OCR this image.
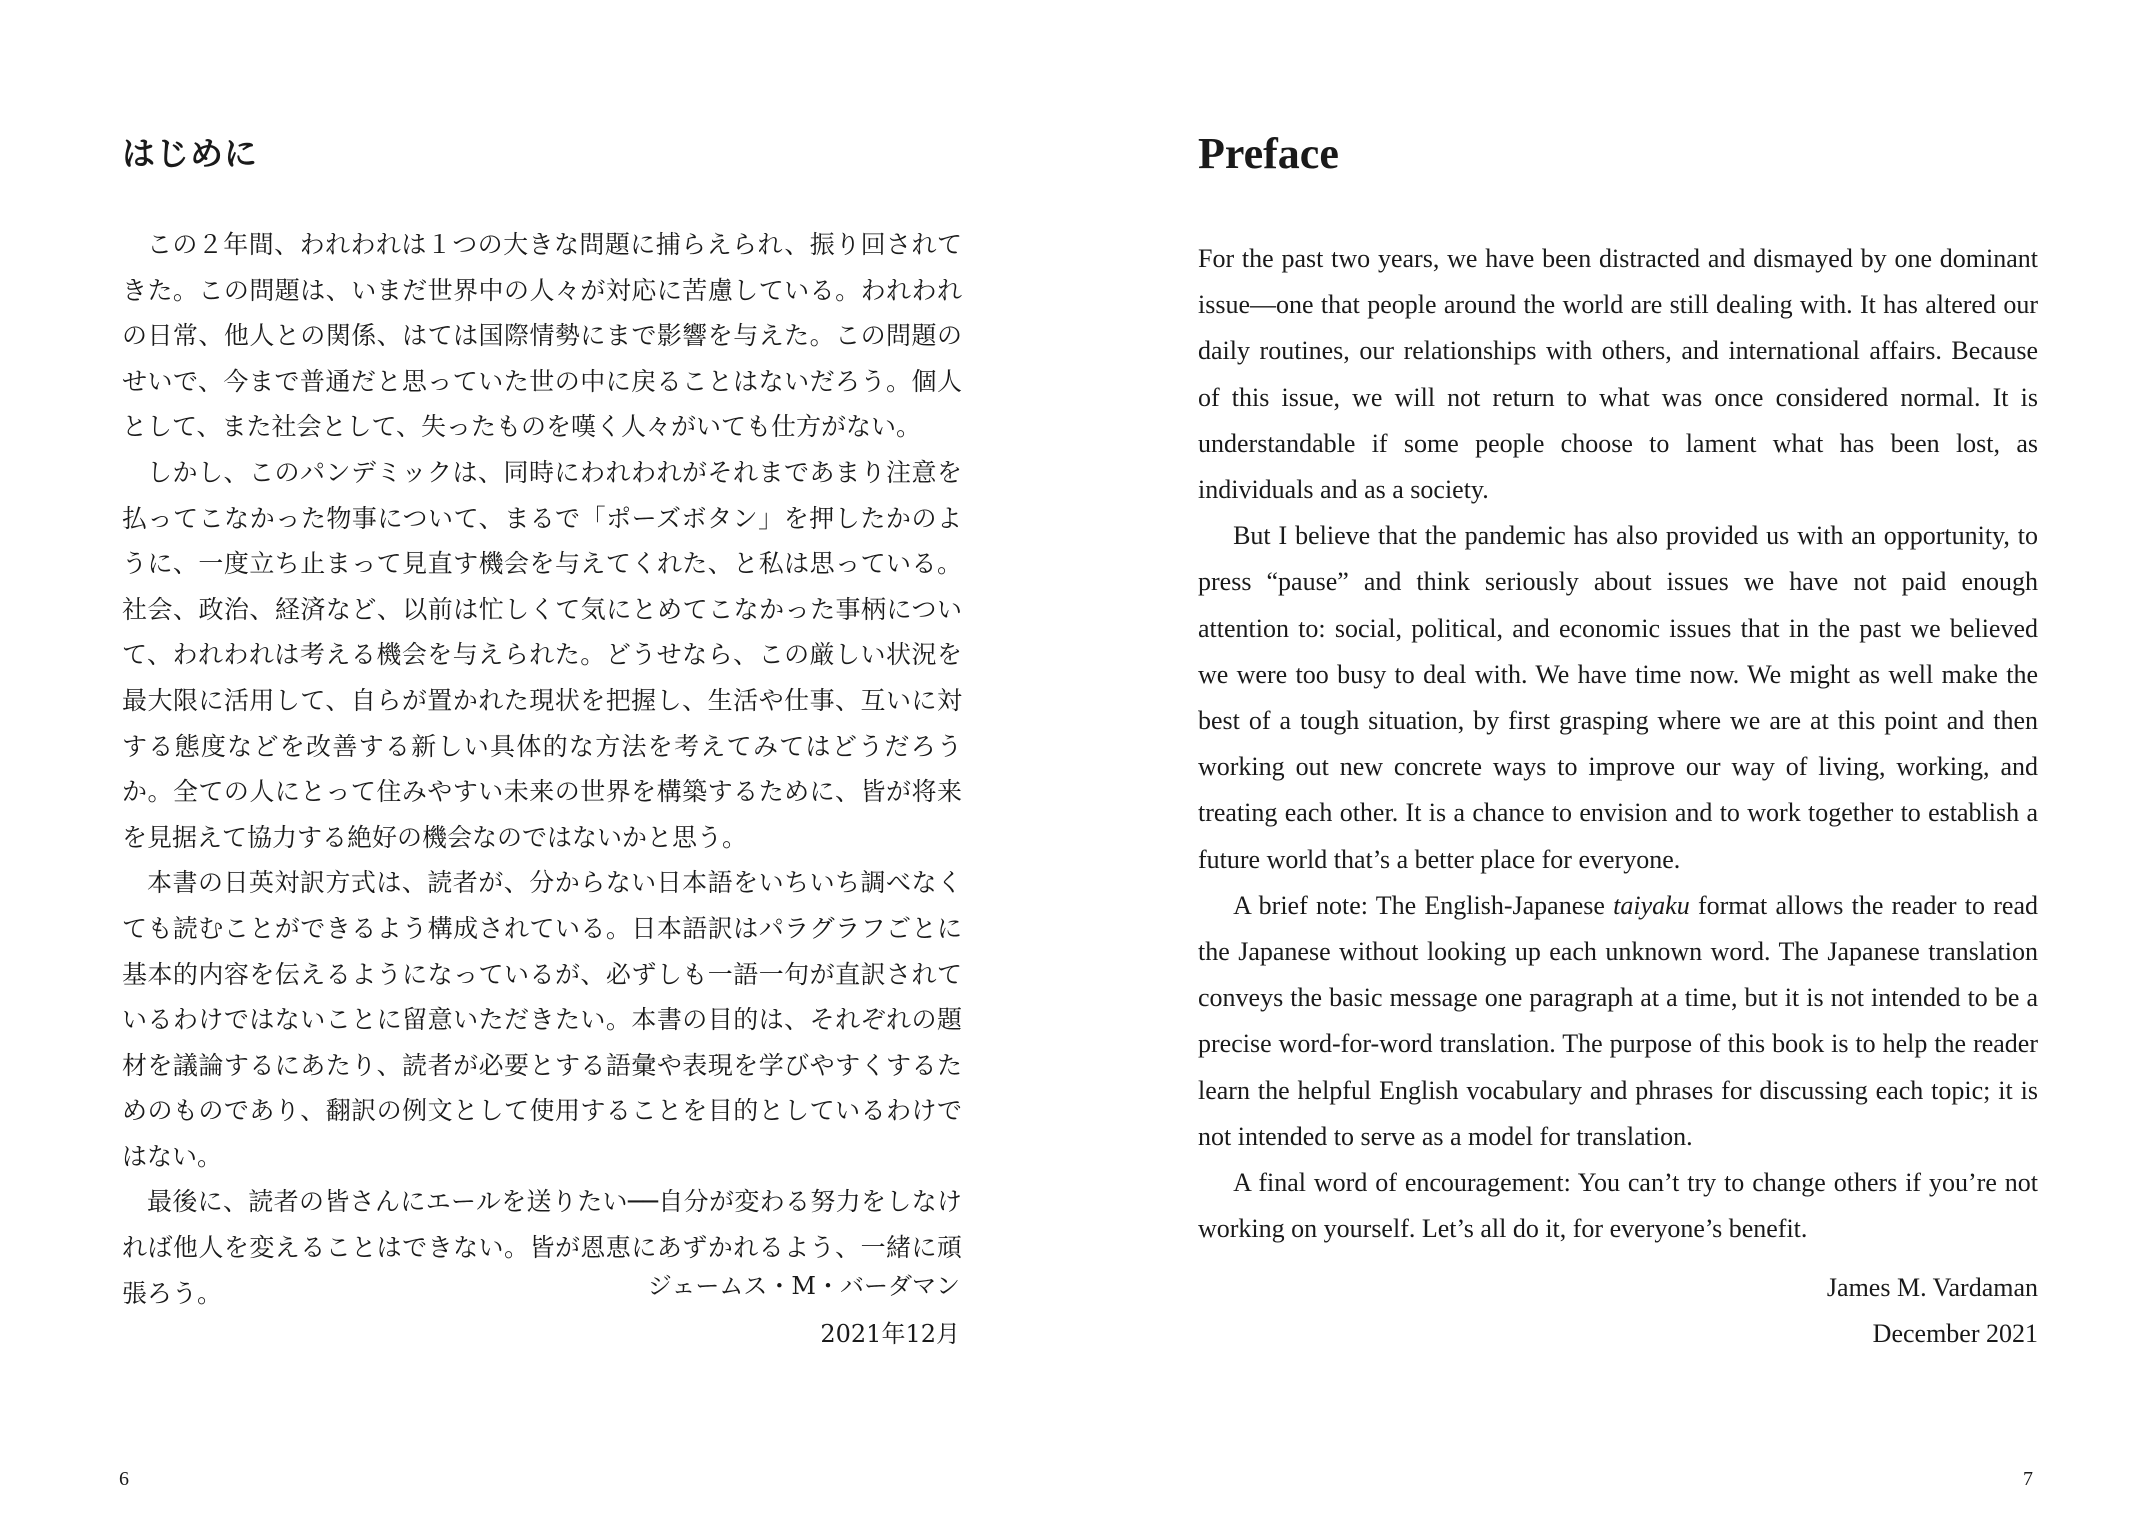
はじめに

この２年間、われわれは１つの大きな問題に捕らえられ、振り回されてきた。この問題は、いまだ世界中の人々が対応に苦慮している。われわれの日常、他人との関係、はては国際情勢にまで影響を与えた。この問題のせいで、今まで普通だと思っていた世の中に戻ることはないだろう。個人として、また社会として、失ったものを嘆く人々がいても仕方がない。

しかし、このパンデミックは、同時にわれわれがそれまであまり注意を払ってこなかった物事について、まるで「ポーズボタン」を押したかのように、一度立ち止まって見直す機会を与えてくれた、と私は思っている。社会、政治、経済など、以前は忙しくて気にとめてこなかった事柄について、われわれは考える機会を与えられた。どうせなら、この厳しい状況を最大限に活用して、自らが置かれた現状を把握し、生活や仕事、互いに対する態度などを改善する新しい具体的な方法を考えてみてはどうだろうか。全ての人にとって住みやすい未来の世界を構築するために、皆が将来を見据えて協力する絶好の機会なのではないかと思う。

本書の日英対訳方式は、読者が、分からない日本語をいちいち調べなくても読むことができるよう構成されている。日本語訳はパラグラフごとに基本的内容を伝えるようになっているが、必ずしも一語一句が直訳されているわけではないことに留意いただきたい。本書の目的は、それぞれの題材を議論するにあたり、読者が必要とする語彙や表現を学びやすくするためのものであり、翻訳の例文として使用することを目的としているわけではない。

最後に、読者の皆さんにエールを送りたい──自分が変わる努力をしなければ他人を変えることはできない。皆が恩恵にあずかれるよう、一緒に頑張ろう。	ジェームス・M・バーダマン
2021年12月
6
Preface

For the past two years, we have been distracted and dismayed by one dominant issue—one that people around the world are still dealing with. It has altered our daily routines, our relationships with others, and international affairs. Because of this issue, we will not return to what was once considered normal. It is understandable if some people choose to lament what has been lost, as individuals and as a society.

But I believe that the pandemic has also provided us with an opportunity, to press “pause” and think seriously about issues we have not paid enough attention to: social, political, and economic issues that in the past we believed we were too busy to deal with. We have time now. We might as well make the best of a tough situation, by first grasping where we are at this point and then working out new concrete ways to improve our way of living, working, and treating each other. It is a chance to envision and to work together to establish a future world that’s a better place for everyone.

A brief note: The English-Japanese taiyaku format allows the reader to read the Japanese without looking up each unknown word. The Japanese translation conveys the basic message one paragraph at a time, but it is not intended to be a precise word-for-word translation. The purpose of this book is to help the reader learn the helpful English vocabulary and phrases for discussing each topic; it is not intended to serve as a model for translation.

A final word of encouragement: You can’t try to change others if you’re not working on yourself. Let’s all do it, for everyone’s benefit.

James M. Vardaman
December 2021
7
